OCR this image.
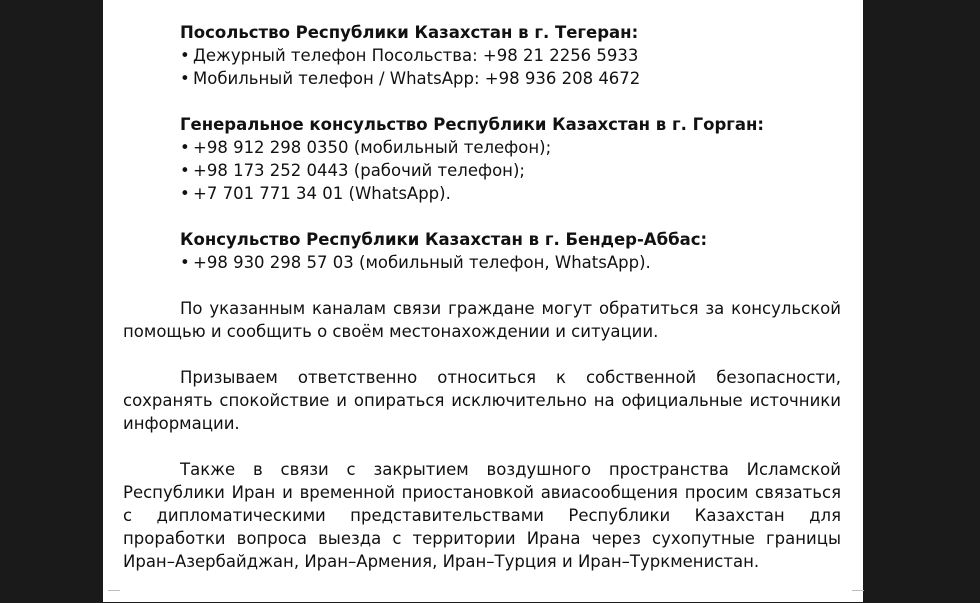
Посольство Республики Казахстан в г. Тегеран:

• Дежурный телефон Посольства: +98 21 2256 5933
• Мобильный телефон / WhatsApp: +98 936 208 4672

Генеральное консульство Республики Казахстан в г. Горган:

• +98 912 298 0350 (мобильный телефон);
• +98 173 252 0443 (рабочий телефон);
• +7 701 771 34 01 (WhatsApp).

Консульство Республики Казахстан в г. Бендер-Аббас:

• +98 930 298 57 03 (мобильный телефон, WhatsApp).

По указанным каналам связи граждане могут обратиться за консульской помощью и сообщить о своём местонахождении и ситуации.

Призываем ответственно относиться к собственной безопасности, сохранять спокойствие и опираться исключительно на официальные источники информации.

Также в связи с закрытием воздушного пространства Исламской Республики Иран и временной приостановкой авиасообщения просим связаться с дипломатическими представительствами Республики Казахстан для проработки вопроса выезда с территории Ирана через сухопутные границы Иран–Азербайджан, Иран–Армения, Иран–Турция и Иран–Туркменистан.
